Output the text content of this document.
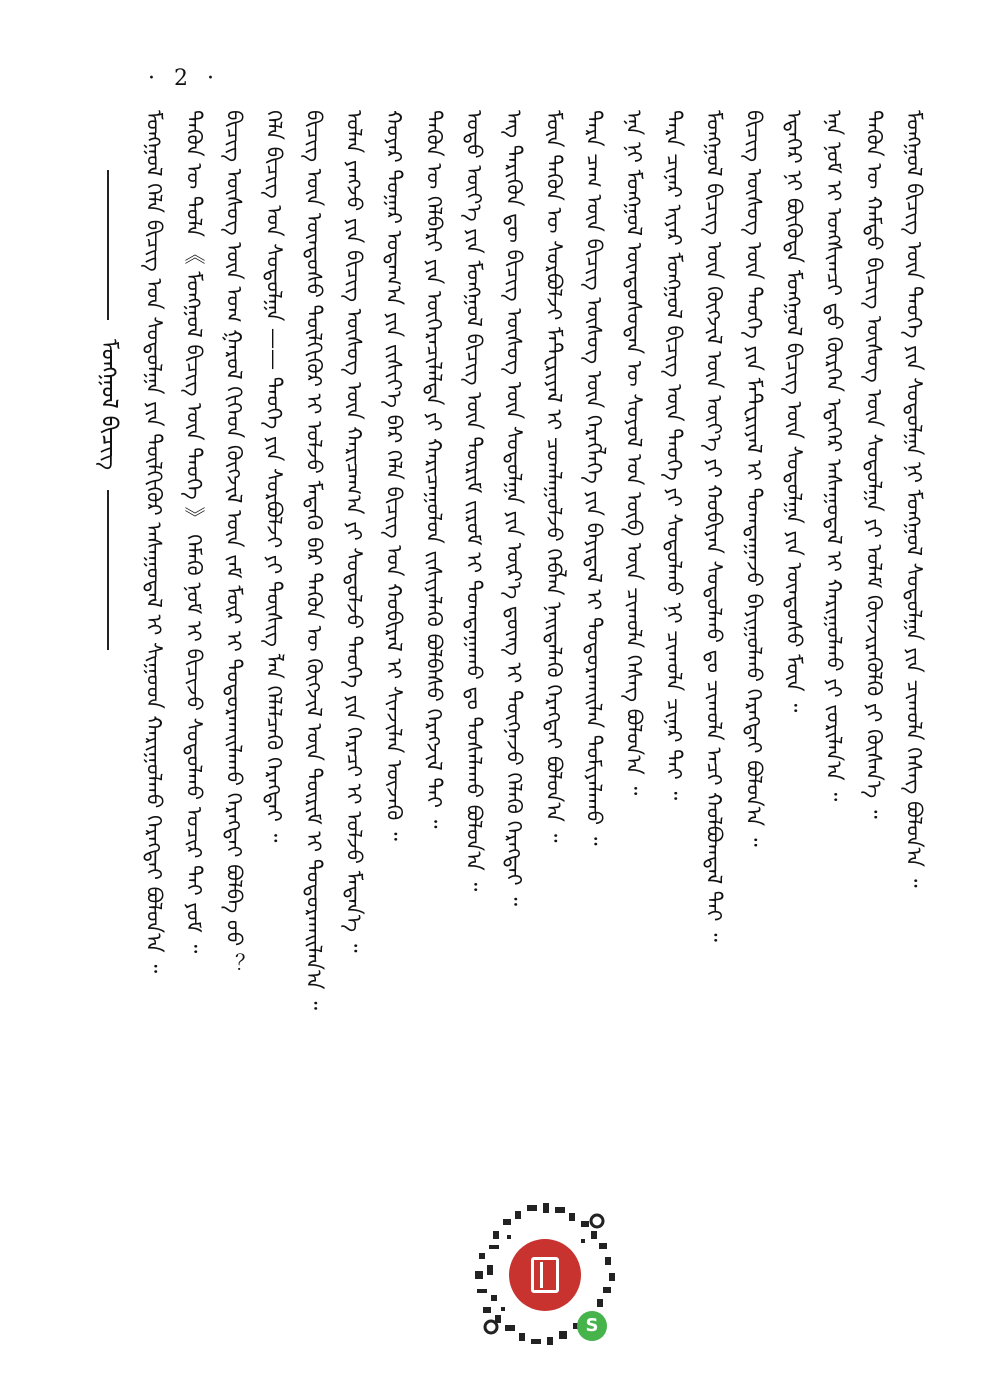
· 2 ·
ᠮᠣᠩᠭᠣᠯ ᠪᠢᠴᠢᠭ	ᠮᠣᠩᠭᠣᠯ ᠬᠡᠯᠡ ᠪᠢᠴᠢᠭ ᠤᠨ ᠰᠤᠳᠤᠯᠭᠠ ᠶᠢᠨ ᠲᠦᠯᠬᠢᠭᠦᠷ ᠠᠰᠠᠭᠤᠳᠠᠯ ᠢ ᠰᠢᠭᠤᠳ ᠬᠠᠷᠢᠭᠤᠯᠬᠤ ᠬᠡᠷᠡᠭᠲᠡᠢ ᠪᠣᠯᠣᠨ᠎ᠠ ᠃ ᠲᠡᠭᠦᠨ ᠦ ᠲᠤᠯᠠ 《 ᠮᠣᠩᠭᠣᠯ ᠪᠢᠴᠢᠭ ᠦᠨ ᠲᠡᠦᠬᠡ 》 ᠬᠡᠮᠡᠬᠦ ᠨᠣᠮ ᠢ ᠪᠢᠴᠢᠵᠦ ᠰᠤᠳᠤᠯᠬᠤ ᠤᠴᠢᠷ ᠲᠠᠢ ᠶᠤᠮ ᠃ ᠪᠢᠴᠢᠭ ᠦᠰᠦᠭ ᠦᠨ ᠤᠭ ᠭᠠᠷᠤᠯ ᠬᠢᠭᠡᠳ ᠬᠥᠭᠵᠢᠯ ᠦᠨ ᠵᠠᠮ ᠮᠥᠷ ᠢ ᠲᠣᠳᠣᠷᠬᠠᠢᠯᠠᠬᠤ ᠬᠡᠷᠡᠭᠲᠡᠢ ᠪᠣᠯᠪᠠ ᠤᠤ ？ ᠬᠡᠯᠡ ᠪᠢᠴᠢᠭ ᠤᠨ ᠰᠤᠳᠤᠯᠭᠠ —— ᠲᠡᠦᠬᠡ ᠶᠢᠨ ᠰᠤᠷᠪᠤᠯᠵᠢ ᠶᠢ ᠲᠦᠰᠢᠭ ᠯᠡᠨ ᠬᠡᠯᠡᠯᠴᠡᠬᠦ ᠬᠡᠷᠡᠭᠲᠡᠢ ᠃ ᠪᠢᠴᠢᠭ ᠦᠨ ᠦᠨᠳᠦᠰᠦ ᠲᠦᠯᠬᠢᠭᠦᠷ ᠢ ᠣᠯᠵᠤ ᠮᠡᠳᠡᠬᠦ ᠪᠡᠷ ᠲᠡᠭᠦᠨ ᠦ ᠬᠥᠭᠵᠢᠯ ᠦᠨ ᠳᠦᠷᠢᠮ ᠢ ᠲᠣᠳᠣᠷᠬᠠᠢᠯᠠᠨ᠎ᠠ ᠃ ᠣᠯᠠᠨ ᠶᠠᠩᠵᠤ ᠶᠢᠨ ᠪᠢᠴᠢᠭ ᠦᠰᠦᠭ ᠦᠨ ᠬᠠᠷᠢᠴᠠᠭ᠎ᠠ ᠶᠢ ᠰᠤᠳᠤᠯᠵᠤ ᠲᠡᠦᠬᠡ ᠶᠢᠨ ᠭᠡᠷᠡᠴᠢ ᠢ ᠣᠯᠵᠤ ᠮᠡᠳᠡᠨ᠎ᠡ ᠃ ᠬᠣᠶᠠᠷ ᠳᠤᠭᠠᠷ ᠤᠳᠠᠭ᠎ᠠ ᠶᠢᠨ ᠵᠢᠱᠢᠶ᠎ᠡ ᠪᠡᠷ ᠬᠡᠯᠡ ᠪᠢᠴᠢᠭ ᠤᠨ ᠬᠤᠪᠢᠷᠠᠯ ᠢ ᠰᠢᠨᠵᠢᠯᠡᠨ ᠦᠵᠡᠬᠦ ᠃ ᠲᠡᠭᠦᠨ ᠦ ᠬᠡᠯᠪᠡᠷᠢ ᠶᠢᠨ ᠥᠭᠡᠷᠡᠴᠢᠯᠡᠯᠲᠡ ᠶᠢ ᠬᠠᠷᠢᠴᠠᠭᠤᠯᠤᠨ ᠵᠢᠱᠢᠶᠡᠯᠡᠬᠦ ᠪᠣᠯᠪᠠᠰᠤ ᠬᠡᠷᠡᠭᠵᠢᠯ ᠲᠡᠢ ᠃ ᠣᠳᠣ ᠦᠶ᠎ᠡ ᠶᠢᠨ ᠮᠣᠩᠭᠣᠯ ᠪᠢᠴᠢᠭ ᠦᠨ ᠳᠦᠷᠢᠮ ᠵᠢᠷᠤᠮ ᠢ ᠲᠣᠭᠲᠠᠭᠠᠬᠤ ᠳᠤ ᠲᠤᠰᠠᠯᠠᠬᠤ ᠪᠣᠯᠤᠨ᠎ᠠ ᠃ ᠡᠩ ᠲᠡᠷᠢᠭᠦᠨ ᠳᠦ ᠪᠢᠴᠢᠭ ᠦᠰᠦᠭ ᠦᠨ ᠰᠤᠳᠤᠯᠭᠠ ᠶᠢᠨ ᠦᠷ᠎ᠡ ᠳ᠋ᠦᠩ ᠢ ᠳᠦᠭᠨᠡᠵᠦ ᠬᠡᠯᠡᠬᠦ ᠬᠡᠷᠡᠭᠲᠡᠢ ᠃ ᠮᠥᠨ ᠲᠡᠭᠦᠨ ᠦ ᠰᠤᠷᠪᠤᠯᠵᠢ ᠮᠠᠲᠧᠷᠢᠶᠠᠯ ᠢ ᠴᠤᠭᠯᠠᠭᠤᠯᠵᠤ ᠬᠡᠪᠯᠡᠨ ᠨᠡᠢᠲᠡᠯᠡᠬᠦ ᠬᠡᠷᠡᠭᠲᠡᠢ ᠪᠣᠯᠤᠨ᠎ᠠ ᠃ ᠲᠡᠷᠡ ᠴᠠᠭ ᠦᠨ ᠪᠢᠴᠢᠭ ᠦᠰᠦᠭ ᠦᠨ ᠬᠡᠷᠡᠭᠯᠡᠭᠡ ᠶᠢᠨ ᠪᠠᠶᠢᠳᠠᠯ ᠢ ᠲᠣᠳᠣᠷᠬᠠᠢᠯᠠᠨ ᠲᠣᠮᠢᠶᠠᠯᠠᠬᠤ ᠃ ᠡᠨᠡ ᠨᠢ ᠮᠣᠩᠭᠣᠯ ᠦᠨᠳᠦᠰᠦᠲᠡᠨ ᠦ ᠰᠣᠶᠣᠯ ᠤᠨ ᠥᠪ ᠦᠨ ᠴᠢᠬᠤᠯᠠ ᠬᠡᠰᠡᠭ ᠪᠣᠯᠣᠨ᠎ᠠ ᠃ ᠲᠡᠷᠡ ᠴᠢᠨᠠᠷ ᠢᠶᠠᠷ ᠮᠣᠩᠭᠣᠯ ᠪᠢᠴᠢᠭ ᠦᠨ ᠲᠡᠦᠬᠡ ᠶᠢ ᠰᠤᠳᠤᠯᠬᠤ ᠨᠢ ᠴᠢᠬᠤᠯᠠ ᠴᠢᠨᠠᠷ ᠲᠠᠢ ᠃ ᠮᠣᠩᠭᠣᠯ ᠪᠢᠴᠢᠭ ᠦᠨ ᠬᠥᠭᠵᠢᠯ ᠦᠨ ᠦᠢ᠎ᠡ ᠶᠢ ᠬᠤᠪᠢᠶᠠᠨ ᠰᠤᠳᠤᠯᠬᠤ ᠳᠤ ᠴᠢᠬᠤᠯᠠ ᠠᠴᠢ ᠬᠣᠯᠪᠣᠭᠳᠠᠯ ᠲᠠᠢ ᠃ ᠪᠢᠴᠢᠭ ᠦᠰᠦᠭ ᠦᠨ ᠲᠡᠦᠬᠡ ᠶᠢᠨ ᠮᠠᠲᠧᠷᠢᠶᠠᠯ ᠢ ᠲᠣᠭᠲᠠᠭᠠᠵᠤ ᠪᠠᠶᠢᠭᠤᠯᠬᠤ ᠬᠡᠷᠡᠭᠲᠡᠢ ᠪᠣᠯᠤᠨ᠎ᠠ ᠃ ᠡᠳᠡᠭᠡᠷ ᠨᠢ ᠪᠦᠭᠦᠳᠡ ᠮᠣᠩᠭᠣᠯ ᠪᠢᠴᠢᠭ ᠦᠨ ᠰᠤᠳᠤᠯᠭᠠ ᠶᠢᠨ ᠦᠨᠳᠦᠰᠦ ᠮᠥᠨ ᠃ ᠡᠨᠡ ᠨᠣᠮ ᠢ ᠤᠩᠰᠢᠭᠴᠢ ᠳ᠋ᠤ ᠬᠦᠷᠭᠡᠨ ᠡᠳᠡᠭᠡᠷ ᠠᠰᠠᠭᠤᠳᠠᠯ ᠢ ᠬᠠᠷᠢᠭᠤᠯᠬᠤ ᠶᠢ ᠵᠣᠷᠢᠯᠠᠨ᠎ᠠ ᠃ ᠲᠡᠭᠦᠨ ᠦ ᠬᠠᠮᠲᠤ ᠪᠢᠴᠢᠭ ᠦᠰᠦᠭ ᠦᠨ ᠰᠤᠳᠤᠯᠭᠠ ᠶᠢ ᠤᠯᠠᠮ ᠭᠦᠨᠵᠢᠷᠡᠭᠦᠯᠬᠦ ᠶᠢ ᠬᠦᠰᠡᠨ᠎ᠡ ᠃ ᠮᠣᠩᠭᠣᠯ ᠪᠢᠴᠢᠭ ᠦᠨ ᠲᠡᠦᠬᠡ ᠶᠢᠨ ᠰᠤᠳᠤᠯᠭᠠ ᠨᠢ ᠮᠣᠩᠭᠣᠯ ᠰᠤᠳᠤᠯᠭᠠ ᠶᠢᠨ ᠴᠢᠬᠤᠯᠠ ᠬᠡᠰᠡᠭ ᠪᠣᠯᠣᠨ᠎ᠠ ᠃
S
